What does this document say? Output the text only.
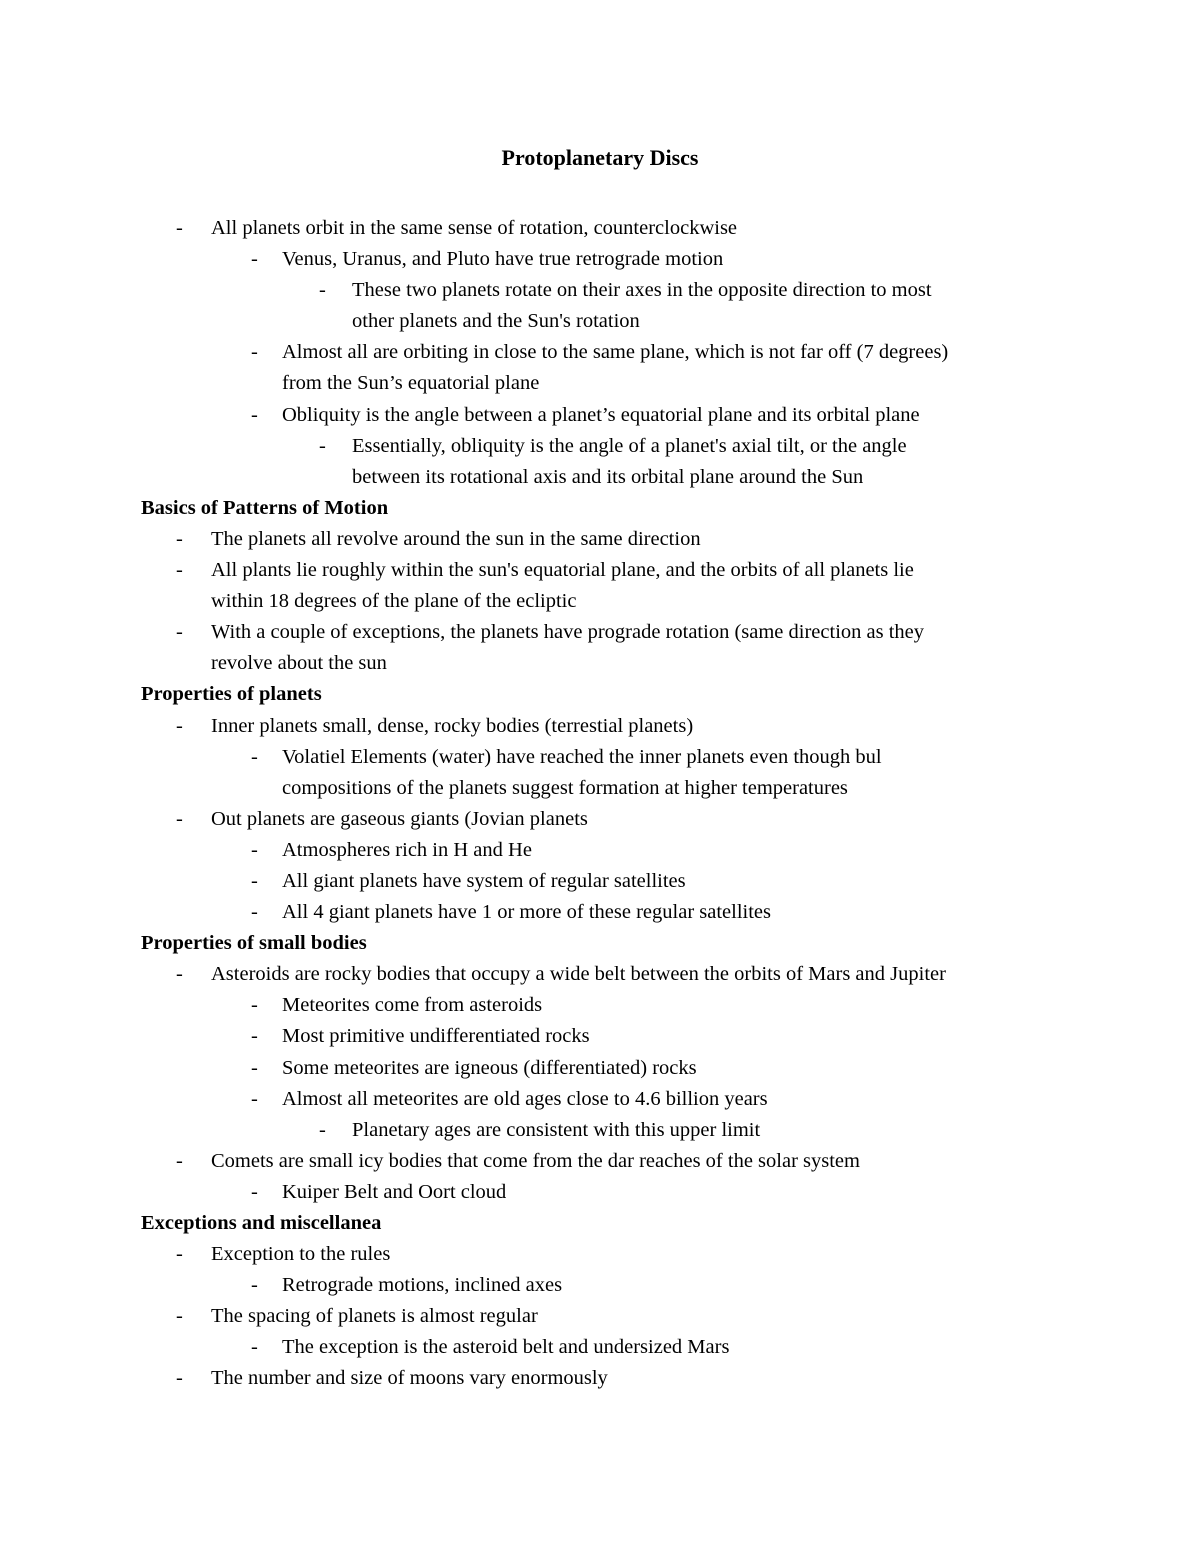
Protoplanetary Discs
- All planets orbit in the same sense of rotation, counterclockwise
- Venus, Uranus, and Pluto have true retrograde motion
- These two planets rotate on their axes in the opposite direction to most
other planets and the Sun's rotation
- Almost all are orbiting in close to the same plane, which is not far off (7 degrees)
from the Sun’s equatorial plane
- Obliquity is the angle between a planet’s equatorial plane and its orbital plane
- Essentially, obliquity is the angle of a planet's axial tilt, or the angle
between its rotational axis and its orbital plane around the Sun
Basics of Patterns of Motion
- The planets all revolve around the sun in the same direction
- All plants lie roughly within the sun's equatorial plane, and the orbits of all planets lie
within 18 degrees of the plane of the ecliptic
- With a couple of exceptions, the planets have prograde rotation (same direction as they
revolve about the sun
Properties of planets
- Inner planets small, dense, rocky bodies (terrestial planets)
- Volatiel Elements (water) have reached the inner planets even though bul
compositions of the planets suggest formation at higher temperatures
- Out planets are gaseous giants (Jovian planets
- Atmospheres rich in H and He
- All giant planets have system of regular satellites
- All 4 giant planets have 1 or more of these regular satellites
Properties of small bodies
- Asteroids are rocky bodies that occupy a wide belt between the orbits of Mars and Jupiter
- Meteorites come from asteroids
- Most primitive undifferentiated rocks
- Some meteorites are igneous (differentiated) rocks
- Almost all meteorites are old ages close to 4.6 billion years
- Planetary ages are consistent with this upper limit
- Comets are small icy bodies that come from the dar reaches of the solar system
- Kuiper Belt and Oort cloud
Exceptions and miscellanea
- Exception to the rules
- Retrograde motions, inclined axes
- The spacing of planets is almost regular
- The exception is the asteroid belt and undersized Mars
- The number and size of moons vary enormously
